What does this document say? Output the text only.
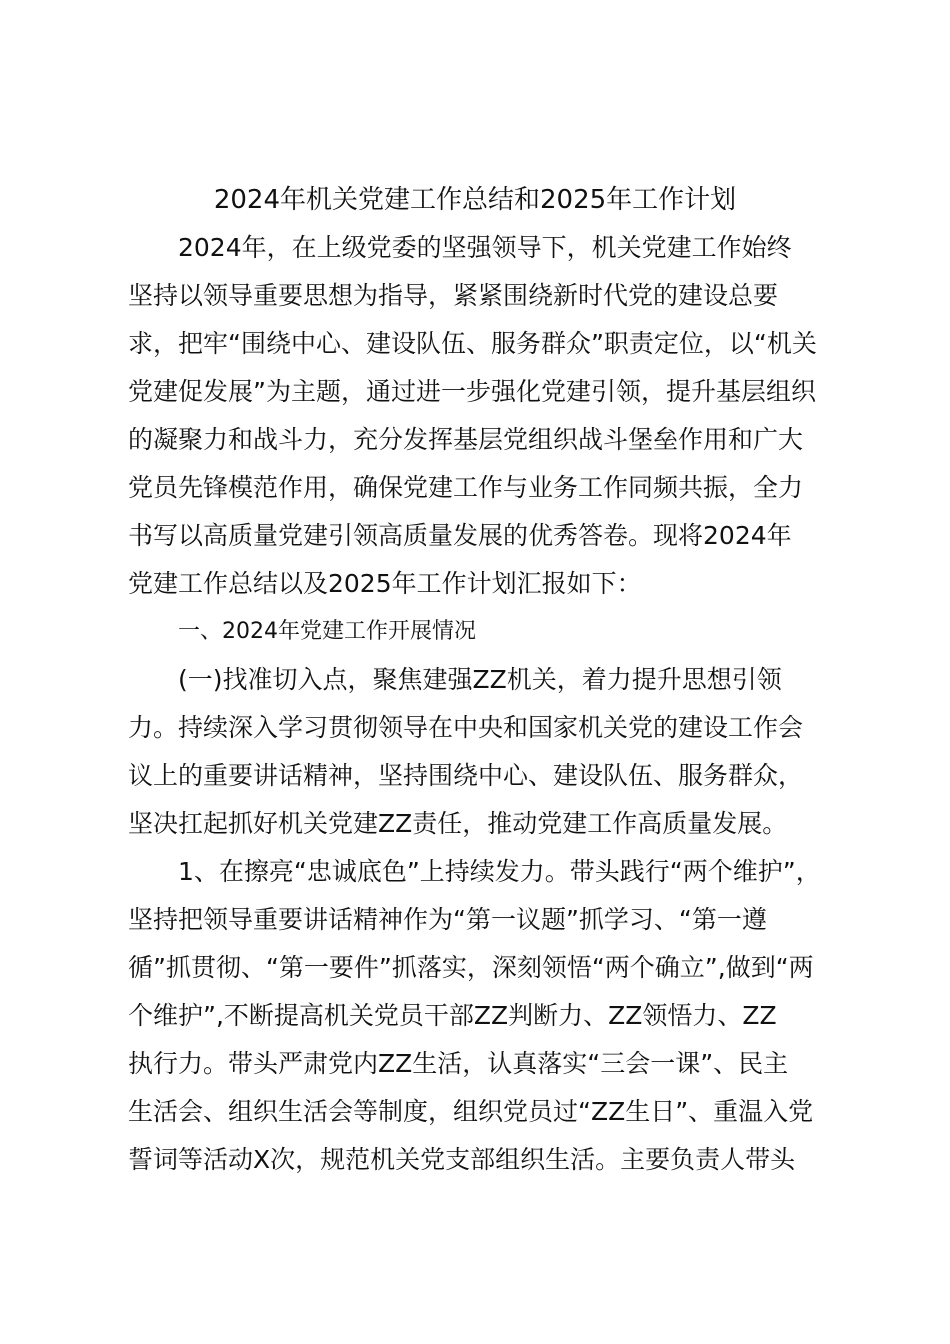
2024年机关党建工作总结和2025年工作计划

2024年，在上级党委的坚强领导下，机关党建工作始终

坚持以领导重要思想为指导，紧紧围绕新时代党的建设总要

求，把牢“围绕中心、建设队伍、服务群众”职责定位，以“机关

党建促发展”为主题，通过进一步强化党建引领，提升基层组织

的凝聚力和战斗力，充分发挥基层党组织战斗堡垒作用和广大

党员先锋模范作用，确保党建工作与业务工作同频共振，全力

书写以高质量党建引领高质量发展的优秀答卷。现将2024年

党建工作总结以及2025年工作计划汇报如下：

一、2024年党建工作开展情况

(一)找准切入点，聚焦建强ZZ机关，着力提升思想引领

力。持续深入学习贯彻领导在中央和国家机关党的建设工作会

议上的重要讲话精神，坚持围绕中心、建设队伍、服务群众，

坚决扛起抓好机关党建ZZ责任，推动党建工作高质量发展。

1、在擦亮“忠诚底色”上持续发力。带头践行“两个维护”，

坚持把领导重要讲话精神作为“第一议题”抓学习、“第一遵

循”抓贯彻、“第一要件”抓落实，深刻领悟“两个确立”,做到“两

个维护”,不断提高机关党员干部ZZ判断力、ZZ领悟力、ZZ

执行力。带头严肃党内ZZ生活，认真落实“三会一课”、民主

生活会、组织生活会等制度，组织党员过“ZZ生日”、重温入党

誓词等活动X次，规范机关党支部组织生活。主要负责人带头
